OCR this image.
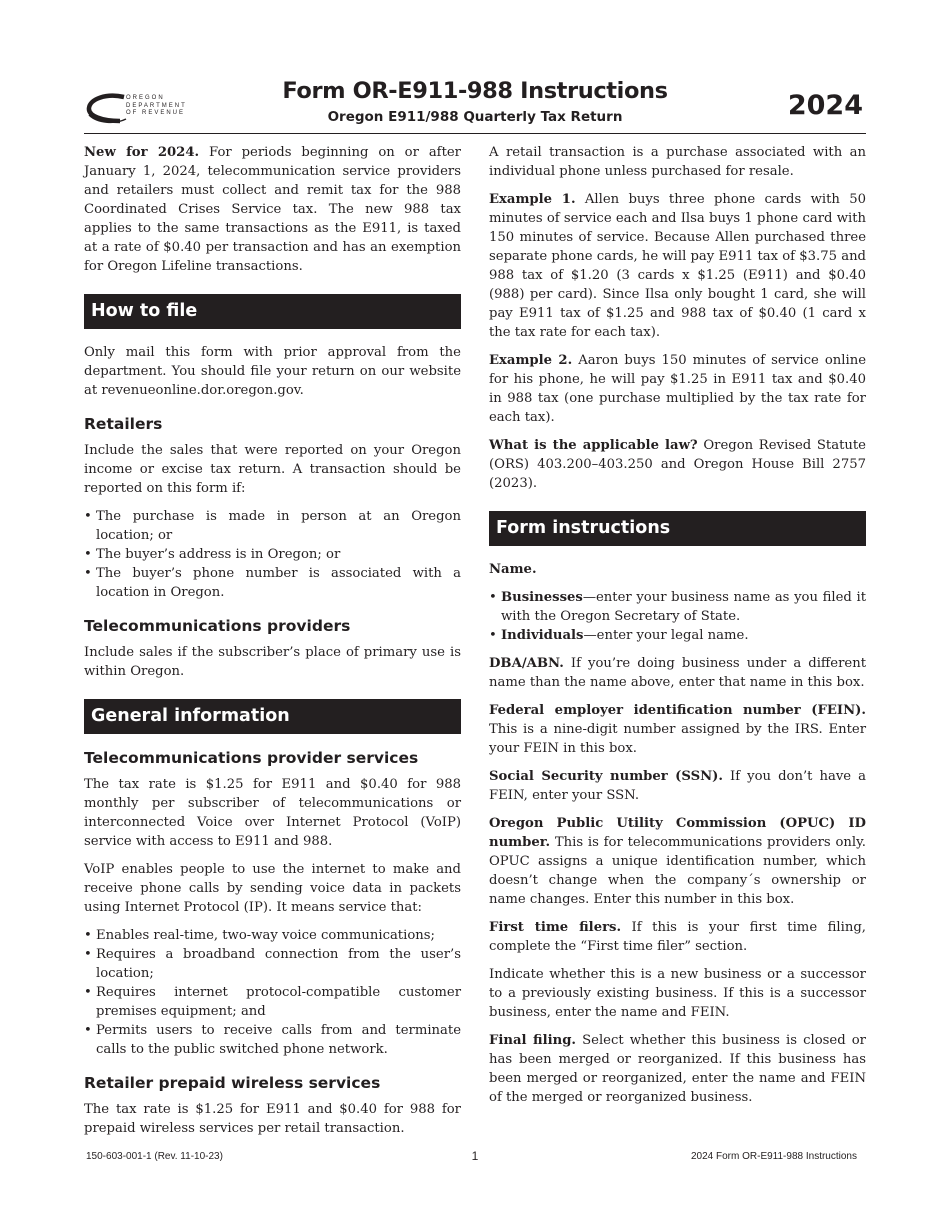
OREGON
DEPARTMENT
OF REVENUE
Form OR-E911-988 Instructions
Oregon E911/988 Quarterly Tax Return	2024

New for 2024. For periods beginning on or after January 1, 2024, telecommunication service providers and retailers must collect and remit tax for the 988 Coordinated Crises Service tax. The new 988 tax applies to the same transactions as the E911, is taxed at a rate of $0.40 per transaction and has an exemption for Oregon Lifeline transactions.

How to file

Only mail this form with prior approval from the department. You should file your return on our website at revenueonline.dor.oregon.gov.

Retailers

Include the sales that were reported on your Oregon income or excise tax return. A transaction should be reported on this form if:

• The purchase is made in person at an Oregon location; or
• The buyer’s address is in Oregon; or
• The buyer’s phone number is associated with a location in Oregon.
Telecommunications providers

Include sales if the subscriber’s place of primary use is within Oregon.

General information
Telecommunications provider services

The tax rate is $1.25 for E911 and $0.40 for 988 monthly per subscriber of telecommunications or interconnected Voice over Internet Protocol (VoIP) service with access to E911 and 988.

VoIP enables people to use the internet to make and receive phone calls by sending voice data in packets using Internet Protocol (IP). It means service that:

• Enables real-time, two-way voice communications;
• Requires a broadband connection from the user’s location;
• Requires internet protocol-compatible customer premises equipment; and
• Permits users to receive calls from and terminate calls to the public switched phone network.
Retailer prepaid wireless services

The tax rate is $1.25 for E911 and $0.40 for 988 for prepaid wireless services per retail transaction.

A retail transaction is a purchase associated with an individual phone unless purchased for resale.

Example 1. Allen buys three phone cards with 50 minutes of service each and Ilsa buys 1 phone card with 150 minutes of service. Because Allen purchased three separate phone cards, he will pay E911 tax of $3.75 and 988 tax of $1.20 (3 cards x $1.25 (E911) and $0.40 (988) per card). Since Ilsa only bought 1 card, she will pay E911 tax of $1.25 and 988 tax of $0.40 (1 card x the tax rate for each tax).

Example 2. Aaron buys 150 minutes of service online for his phone, he will pay $1.25 in E911 tax and $0.40 in 988 tax (one purchase multiplied by the tax rate for each tax).

What is the applicable law? Oregon Revised Statute (ORS) 403.200–403.250 and Oregon House Bill 2757 (2023).

Form instructions

Name.

• Businesses—enter your business name as you filed it with the Oregon Secretary of State.
• Individuals—enter your legal name.

DBA/ABN. If you’re doing business under a different name than the name above, enter that name in this box.

Federal employer identification number (FEIN). This is a nine-digit number assigned by the IRS. Enter your FEIN in this box.

Social Security number (SSN). If you don’t have a FEIN, enter your SSN.

Oregon Public Utility Commission (OPUC) ID number. This is for telecommunications providers only. OPUC assigns a unique identification number, which doesn’t change when the company´s ownership or name changes. Enter this number in this box.

First time filers. If this is your first time filing, complete the “First time filer” section.

Indicate whether this is a new business or a successor to a previously existing business. If this is a successor business, enter the name and FEIN.

Final filing. Select whether this business is closed or has been merged or reorganized. If this business has been merged or reorganized, enter the name and FEIN of the merged or reorganized business.

150-603-001-1 (Rev. 11-10-23)	1	2024 Form OR-E911-988 Instructions
